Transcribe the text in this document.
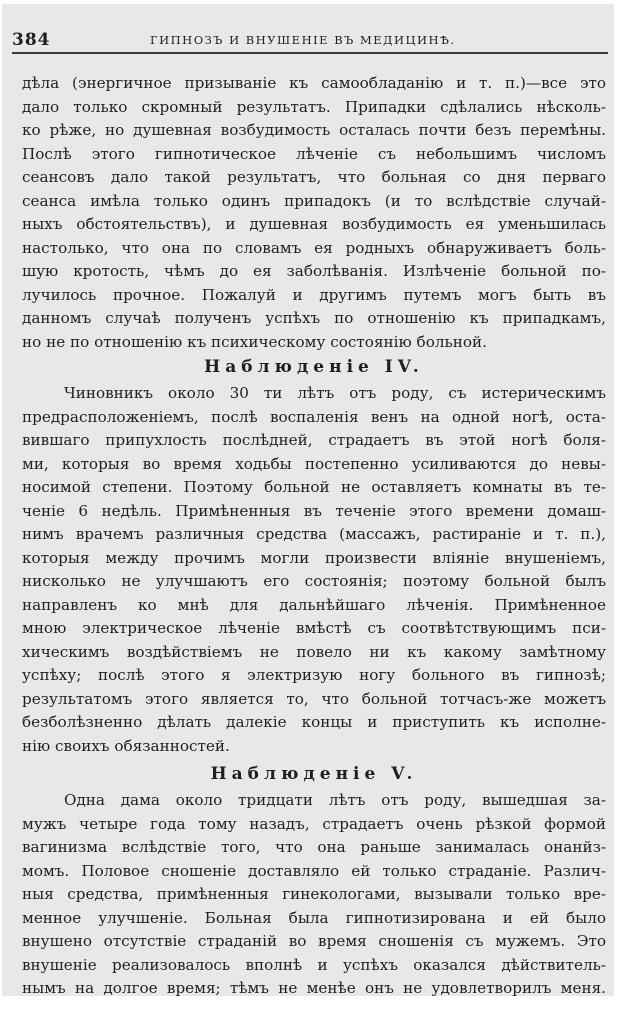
384	ГИПНОЗЪ И ВНУШЕНІЕ ВЪ МЕДИЦИНѢ.
дѣла (энергичное призываніе къ самообладанію и т. п.)—все это
дало только скромный результатъ. Припадки сдѣлались нѣсколь-
ко рѣже, но душевная возбудимость осталась почти безъ перемѣны.
Послѣ этого гипнотическое лѣченіе съ небольшимъ числомъ
сеансовъ дало такой результатъ, что больная со дня перваго
сеанса имѣла только одинъ припадокъ (и то вслѣдствіе случай-
ныхъ обстоятельствъ), и душевная возбудимость ея уменьшилась
настолько, что она по словамъ ея родныхъ обнаруживаетъ боль-
шую кротость, чѣмъ до ея заболѣванія. Излѣченіе больной по-
лучилось прочное. Пожалуй и другимъ путемъ могъ быть въ
данномъ случаѣ полученъ успѣхъ по отношенію къ припадкамъ,
но не по отношенію къ психическому состоянію больной.
Наблюденіе IV.
Чиновникъ около 30 ти лѣтъ отъ роду, съ истерическимъ
предрасположеніемъ, послѣ воспаленія венъ на одной ногѣ, оста-
вившаго припухлость послѣдней, страдаетъ въ этой ногѣ боля-
ми, которыя во время ходьбы постепенно усиливаются до невы-
носимой степени. Поэтому больной не оставляетъ комнаты въ те-
ченіе 6 недѣль. Примѣненныя въ теченіе этого времени домаш-
нимъ врачемъ различныя средства (массажъ, растираніе и т. п.),
которыя между прочимъ могли произвести вліяніе внушеніемъ,
нисколько не улучшаютъ его состоянія; поэтому больной былъ
направленъ ко мнѣ для дальнѣйшаго лѣченія. Примѣненное
мною электрическое лѣченіе вмѣстѣ съ соотвѣтствующимъ пси-
хическимъ воздѣйствіемъ не повело ни къ какому замѣтному
успѣху; послѣ этого я электризую ногу больного въ гипнозѣ;
результатомъ этого является то, что больной тотчасъ-же можетъ
безболѣзненно дѣлать далекіе концы и приступить къ исполне-
нію своихъ обязанностей.
Наблюденіе V.
Одна дама около тридцати лѣтъ отъ роду, вышедшая за-
мужъ четыре года тому назадъ, страдаетъ очень рѣзкой формой
вагинизма вслѣдствіе того, что она раньше занималась онанйз-
момъ. Половое сношеніе доставляло ей только страданіе. Различ-
ныя средства, примѣненныя гинекологами, вызывали только вре-
менное улучшеніе. Больная была гипнотизирована и ей было
внушено отсутствіе страданій во время сношенія съ мужемъ. Это
внушеніе реализовалось вполнѣ и успѣхъ оказался дѣйствитель-
нымъ на долгое время; тѣмъ не менѣе онъ не удовлетворилъ меня.
